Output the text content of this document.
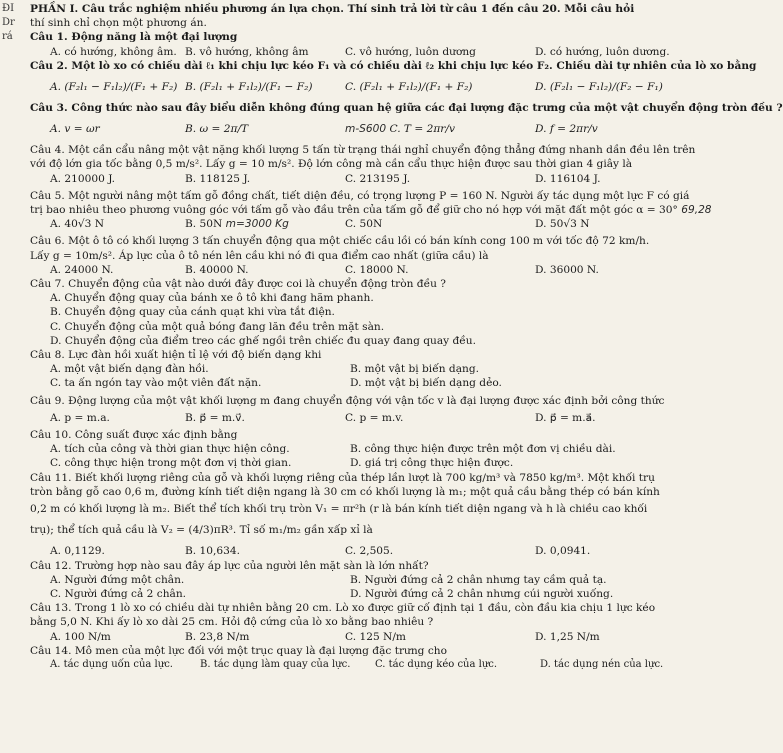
ĐI
Dr
rá
PHẦN I. Câu trắc nghiệm nhiều phương án lựa chọn. Thí sinh trả lời từ câu 1 đến câu 20. Mỗi câu hỏi
thí sinh chỉ chọn một phương án.
Câu 1. Động năng là một đại lượng
A. có hướng, không âm. B. vô hướng, không âm	C. vô hướng, luôn dương	D. có hướng, luôn dương.
Câu 2. Một lò xo có chiều dài ℓ₁ khi chịu lực kéo F₁ và có chiều dài ℓ₂ khi chịu lực kéo F₂. Chiều dài tự nhiên của lò xo bằng
A. (F₂l₁ − F₁l₂)/(F₁ + F₂) B. (F₂l₁ + F₁l₂)/(F₁ − F₂)	C. (F₂l₁ + F₁l₂)/(F₁ + F₂)	D. (F₂l₁ − F₁l₂)/(F₂ − F₁)
Câu 3. Công thức nào sau đây biểu diễn không đúng quan hệ giữa các đại lượng đặc trưng của một vật chuyển động tròn đều ?
A. v = ωr	B. ω = 2π/T	m-S600 C. T = 2πr/v	D. f = 2πr/v
Câu 4. Một cần cẩu nâng một vật nặng khối lượng 5 tấn từ trạng thái nghỉ chuyển động thẳng đứng nhanh dần đều lên trên
với độ lớn gia tốc bằng 0,5 m/s². Lấy g = 10 m/s². Độ lớn công mà cần cẩu thực hiện được sau thời gian 4 giây là
A. 210000 J.	B. 118125 J.	C. 213195 J.	D. 116104 J.
Câu 5. Một người nâng một tấm gỗ đồng chất, tiết diện đều, có trọng lượng P = 160 N. Người ấy tác dụng một lực F có giá
trị bao nhiêu theo phương vuông góc với tấm gỗ vào đầu trên của tấm gỗ để giữ cho nó hợp với mặt đất một góc α = 30° 69,28
A. 40√3 N	B. 50N m=3000 Kg	C. 50N	D. 50√3 N
Câu 6. Một ô tô có khối lượng 3 tấn chuyển động qua một chiếc cầu lồi có bán kính cong 100 m với tốc độ 72 km/h.
Lấy g = 10m/s². Áp lực của ô tô nén lên cầu khi nó đi qua điểm cao nhất (giữa cầu) là
A. 24000 N.	B. 40000 N.	C. 18000 N.	D. 36000 N.
Câu 7. Chuyển động của vật nào dưới đây được coi là chuyển động tròn đều ?
A. Chuyển động quay của bánh xe ô tô khi đang hãm phanh.
B. Chuyển động quay của cánh quạt khi vừa tắt điện.
C. Chuyển động của một quả bóng đang lăn đều trên mặt sàn.
D. Chuyển động của điểm treo các ghế ngồi trên chiếc đu quay đang quay đều.
Câu 8. Lực đàn hồi xuất hiện tỉ lệ với độ biến dạng khi
A. một vật biến dạng đàn hồi.	B. một vật bị biến dạng.
C. ta ấn ngón tay vào một viên đất nặn.	D. một vật bị biến dạng dẻo.
Câu 9. Động lượng của một vật khối lượng m đang chuyển động với vận tốc v là đại lượng được xác định bởi công thức
A. p = m.a.	B. p⃗ = m.v⃗.	C. p = m.v.	D. p⃗ = m.a⃗.
Câu 10. Công suất được xác định bằng
A. tích của công và thời gian thực hiện công.	B. công thực hiện được trên một đơn vị chiều dài.
C. công thực hiện trong một đơn vị thời gian.	D. giá trị công thực hiện được.
Câu 11. Biết khối lượng riêng của gỗ và khối lượng riêng của thép lần lượt là 700 kg/m³ và 7850 kg/m³. Một khối trụ
tròn bằng gỗ cao 0,6 m, đường kính tiết diện ngang là 30 cm có khối lượng là m₁; một quả cầu bằng thép có bán kính
0,2 m có khối lượng là m₂. Biết thể tích khối trụ tròn V₁ = πr²h (r là bán kính tiết diện ngang và h là chiều cao khối
trụ); thể tích quả cầu là V₂ = (4/3)πR³. Tỉ số m₁/m₂ gần xấp xỉ là
A. 0,1129.	B. 10,634.	C. 2,505.	D. 0,0941.
Câu 12. Trường hợp nào sau đây áp lực của người lên mặt sàn là lớn nhất?
A. Người đứng một chân.	B. Người đứng cả 2 chân nhưng tay cầm quả tạ.
C. Người đứng cả 2 chân.	D. Người đứng cả 2 chân nhưng cúi người xuống.
Câu 13. Trong 1 lò xo có chiều dài tự nhiên bằng 20 cm. Lò xo được giữ cố định tại 1 đầu, còn đầu kia chịu 1 lực kéo
bằng 5,0 N. Khi ấy lò xo dài 25 cm. Hỏi độ cứng của lò xo bằng bao nhiêu ?
A. 100 N/m	B. 23,8 N/m	C. 125 N/m	D. 1,25 N/m
Câu 14. Mô men của một lực đối với một trục quay là đại lượng đặc trưng cho
A. tác dụng uốn của lực.	B. tác dụng làm quay của lực.	C. tác dụng kéo của lực.	D. tác dụng nén của lực.
